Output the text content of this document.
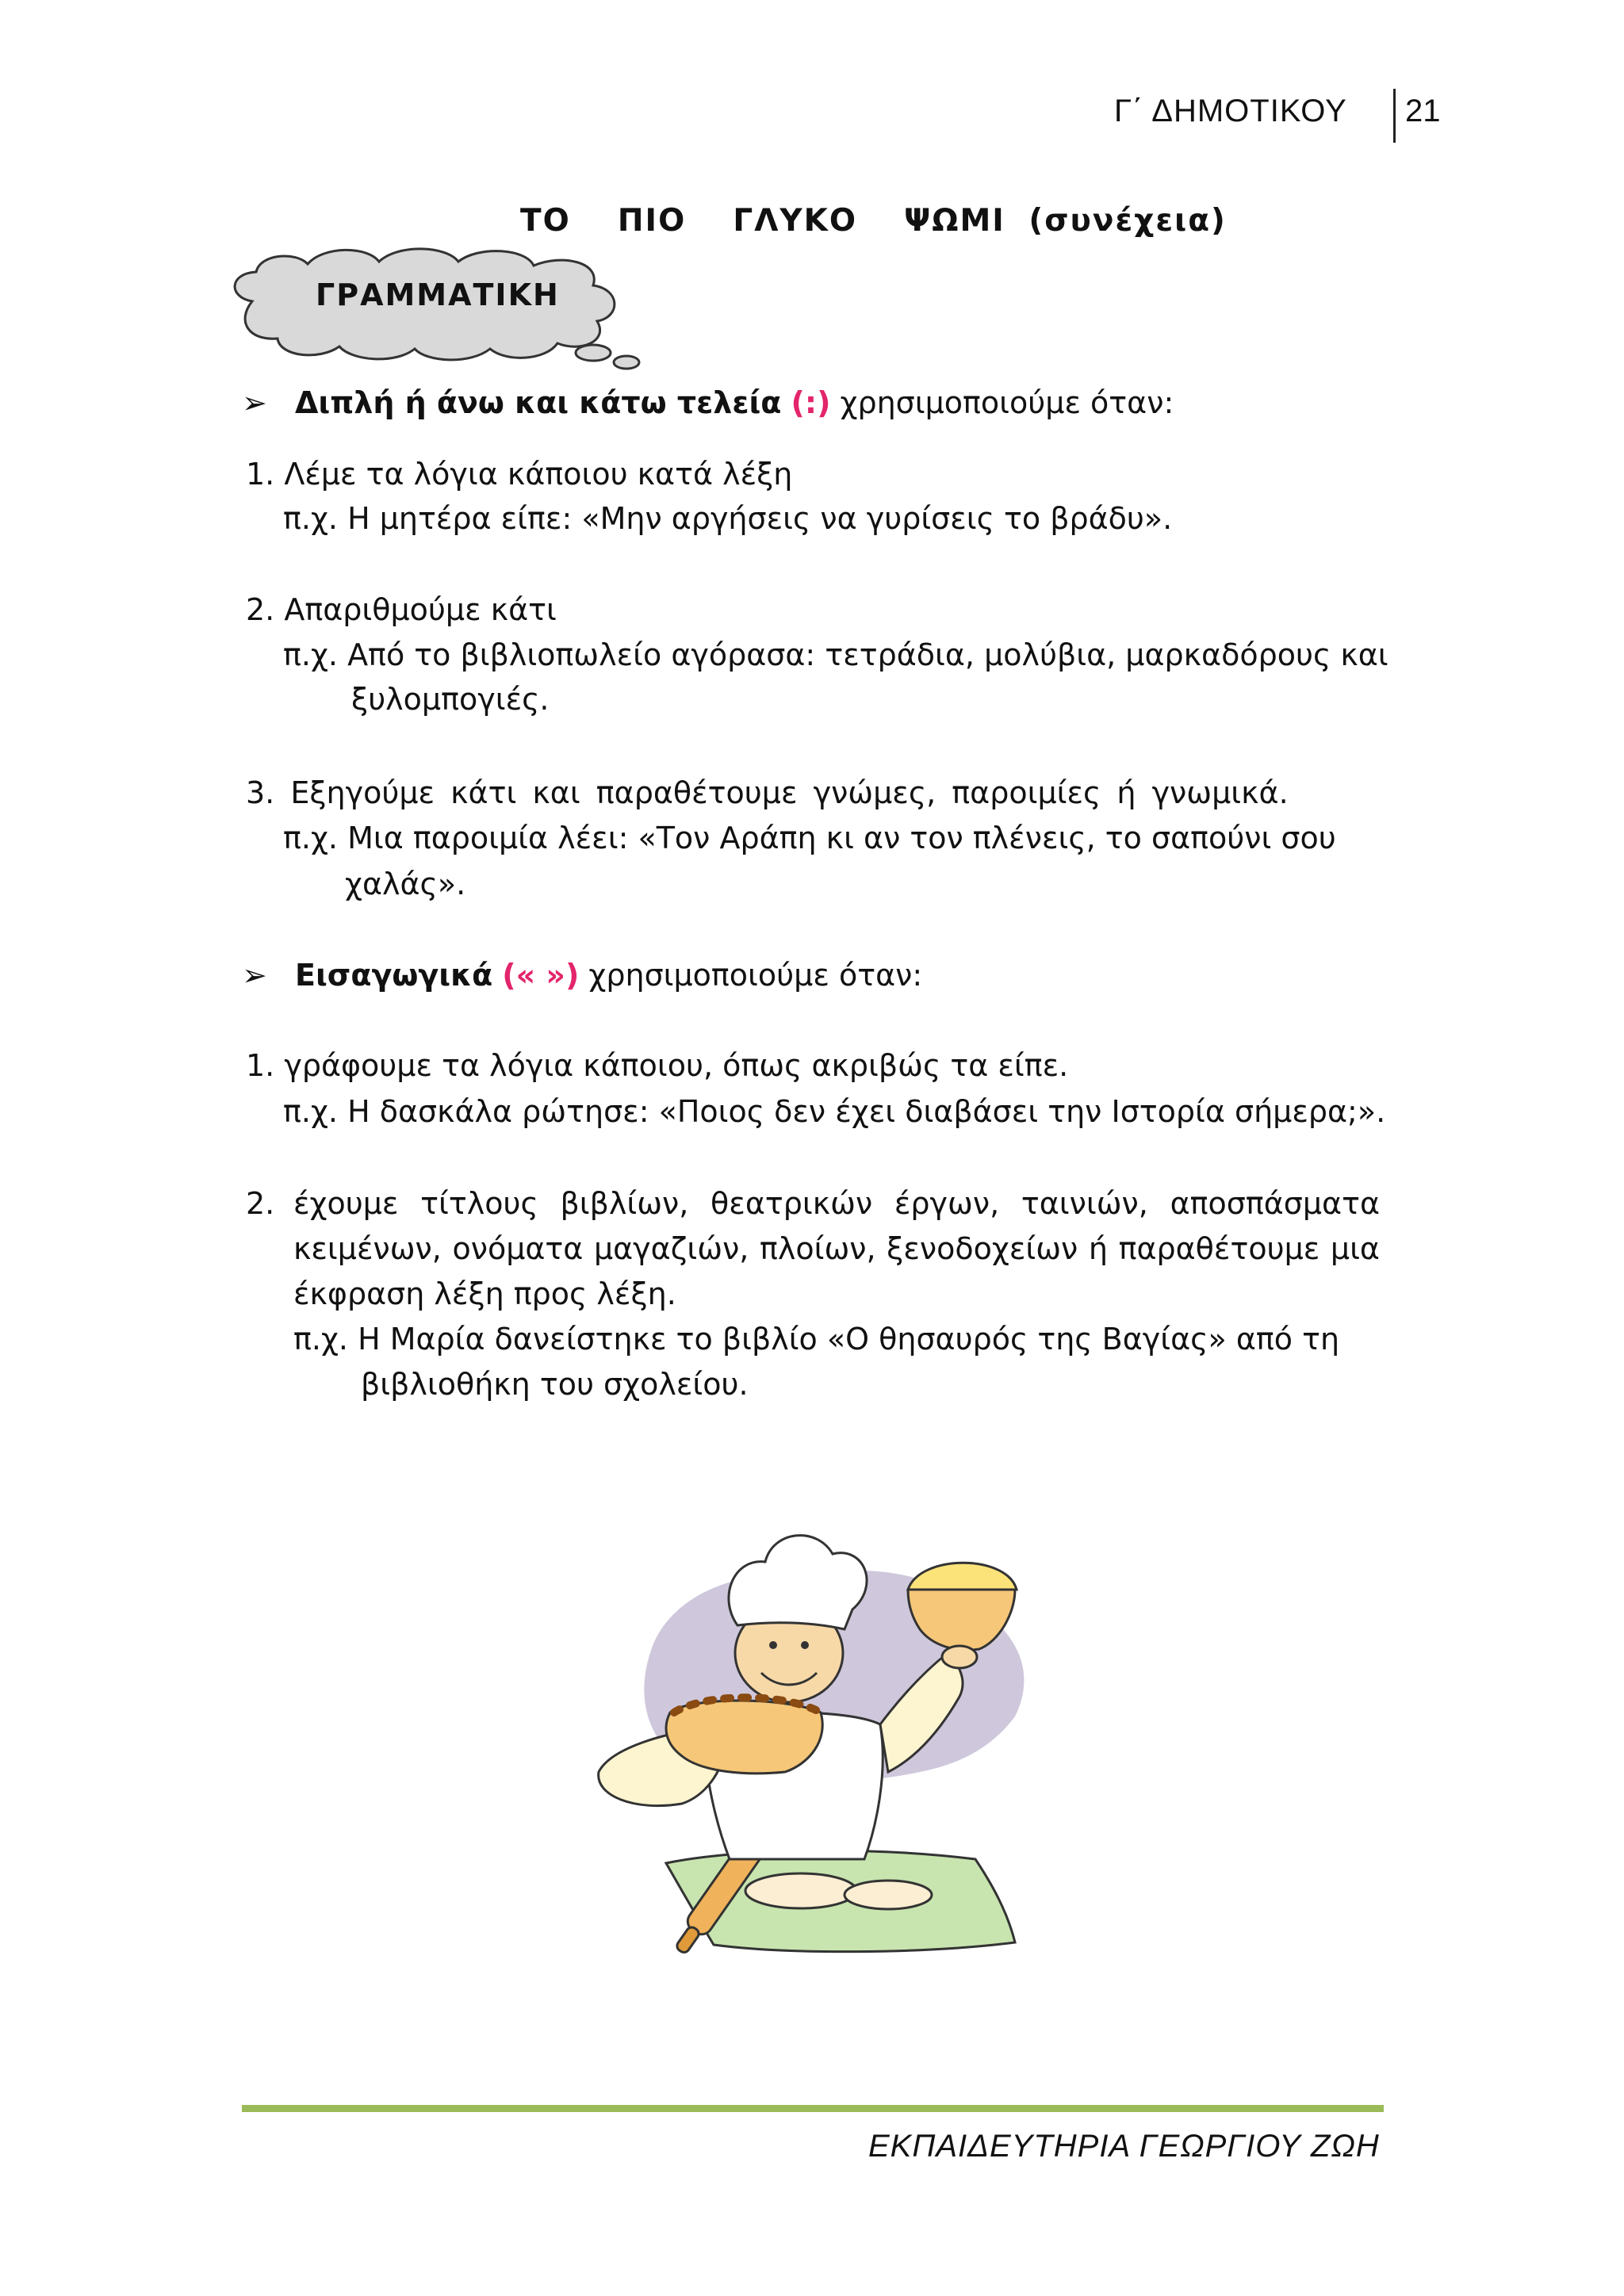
Γ΄ ΔΗΜΟΤΙΚΟΥ 21
ΤΟ  ΠΙΟ  ΓΛΥΚΟ  ΨΩΜΙ (συνέχεια)
ΓΡΑΜΜΑΤΙΚΗ
➢ Διπλή ή άνω και κάτω τελεία (:) χρησιμοποιούμε όταν:
1. Λέμε τα λόγια κάποιου κατά λέξη
π.χ. Η μητέρα είπε: «Μην αργήσεις να γυρίσεις το βράδυ».
2. Απαριθμούμε κάτι
π.χ. Από το βιβλιοπωλείο αγόρασα: τετράδια, μολύβια, μαρκαδόρους και
ξυλομπογιές.
3. Εξηγούμε κάτι και παραθέτουμε γνώμες, παροιμίες ή γνωμικά.
π.χ. Μια παροιμία λέει: «Τον Αράπη κι αν τον πλένεις, το σαπούνι σου
χαλάς».
➢ Εισαγωγικά (« ») χρησιμοποιούμε όταν:
1. γράφουμε τα λόγια κάποιου, όπως ακριβώς τα είπε.
π.χ. Η δασκάλα ρώτησε: «Ποιος δεν έχει διαβάσει την Ιστορία σήμερα;».
2. έχουμε τίτλους βιβλίων, θεατρικών έργων, ταινιών, αποσπάσματα
κειμένων, ονόματα μαγαζιών, πλοίων, ξενοδοχείων ή παραθέτουμε μια
έκφραση λέξη προς λέξη.
π.χ. Η Μαρία δανείστηκε το βιβλίο «Ο θησαυρός της Βαγίας» από τη
βιβλιοθήκη του σχολείου.
ΕΚΠΑΙΔΕΥΤΗΡΙΑ ΓΕΩΡΓΙΟΥ ΖΩΗ
